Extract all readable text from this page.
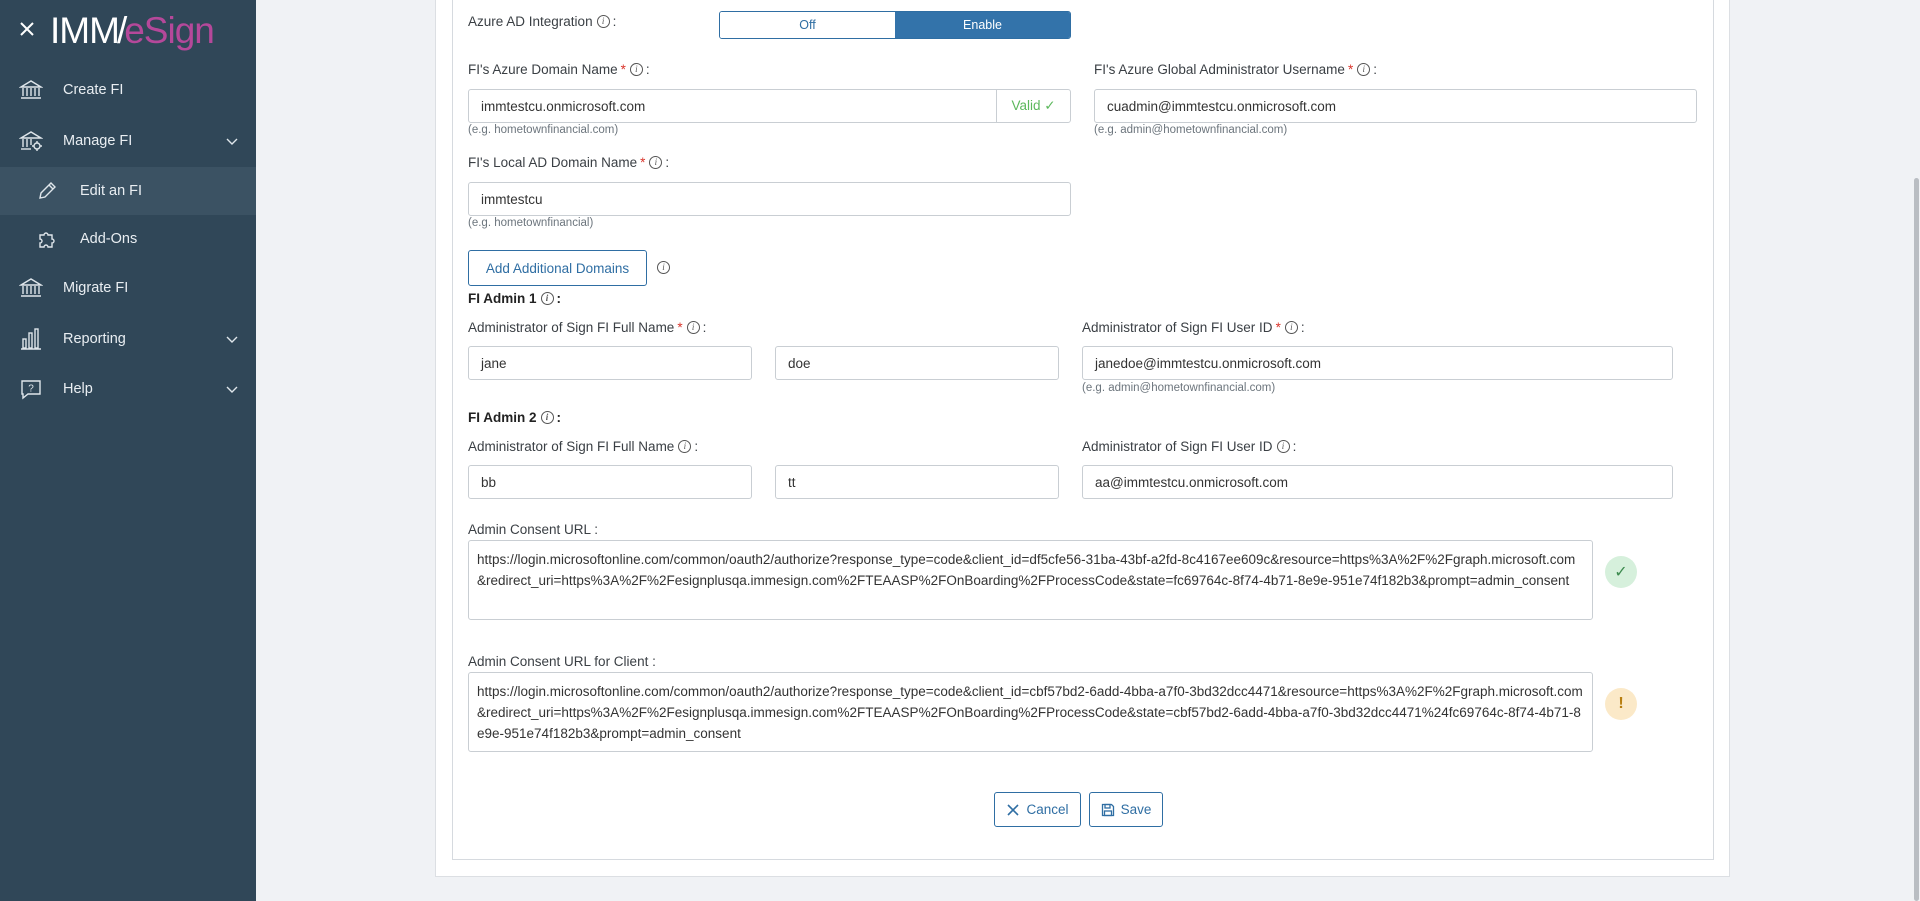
IMM
/
eSign
Create FI
Manage FI
Edit an FI
Add-Ons
Migrate FI
Reporting
? Help
Azure AD Integration	i :	Off	Enable
FI's Azure Domain Name *	i :
immtestcu.onmicrosoft.com	Valid ✓
(e.g. hometownfinancial.com)
FI's Azure Global Administrator Username *	i :
cuadmin@immtestcu.onmicrosoft.com
(e.g. admin@hometownfinancial.com)
FI's Local AD Domain Name *	i :
immtestcu
(e.g. hometownfinancial)
Add Additional Domains	i
FI Admin 1	i :
Administrator of Sign FI Full Name *	i :
jane	doe
Administrator of Sign FI User ID *	i :
janedoe@immtestcu.onmicrosoft.com
(e.g. admin@hometownfinancial.com)
FI Admin 2	i :
Administrator of Sign FI Full Name	i :
bb	tt
Administrator of Sign FI User ID	i :
aa@immtestcu.onmicrosoft.com
Admin Consent URL :
https://login.microsoftonline.com/common/oauth2/authorize?response_type=code&client_id=df5cfe56-31ba-43bf-a2fd-8c4167ee609c&resource=https%3A%2F%2Fgraph.microsoft.com&redirect_uri=https%3A%2F%2Fesignplusqa.immesign.com%2FTEAASP%2FOnBoarding%2FProcessCode&state=fc69764c-8f74-4b71-8e9e-951e74f182b3&prompt=admin_consent	✓
Admin Consent URL for Client :
https://login.microsoftonline.com/common/oauth2/authorize?response_type=code&client_id=cbf57bd2-6add-4bba-a7f0-3bd32dcc4471&resource=https%3A%2F%2Fgraph.microsoft.com&redirect_uri=https%3A%2F%2Fesignplusqa.immesign.com%2FTEAASP%2FOnBoarding%2FProcessCode&state=cbf57bd2-6add-4bba-a7f0-3bd32dcc4471%24fc69764c-8f74-4b71-8e9e-951e74f182b3&prompt=admin_consent
!
Cancel	Save
